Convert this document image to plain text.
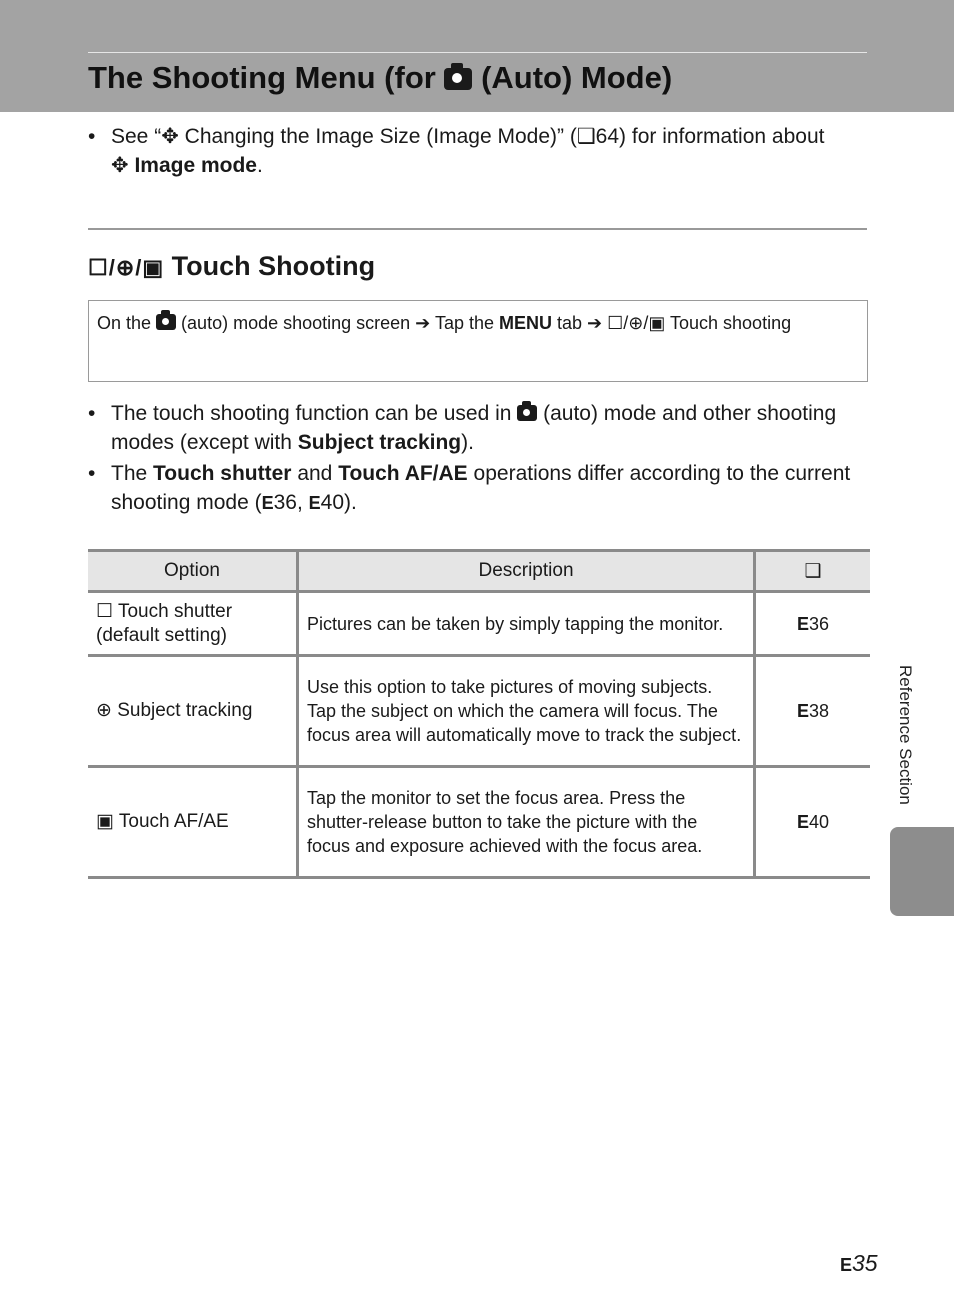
The Shooting Menu (for  (Auto) Mode)
• See “✥ Changing the Image Size (Image Mode)” (❑64) for information about
✥ Image mode.
☐/⊕/▣ Touch Shooting
On the  (auto) mode shooting screen ➔ Tap the MENU tab ➔ ☐/⊕/▣ Touch shooting
• The touch shooting function can be used in  (auto) mode and other shooting modes (except with Subject tracking).
• The Touch shutter and Touch AF/AE operations differ according to the current shooting mode (E36, E40).
Option	Description	❑
☐ Touch shutter (default setting)	Pictures can be taken by simply tapping the monitor.	E36
⊕ Subject tracking	Use this option to take pictures of moving subjects. Tap the subject on which the camera will focus. The focus area will automatically move to track the subject.	E38
▣ Touch AF/AE	Tap the monitor to set the focus area. Press the shutter-release button to take the picture with the focus and exposure achieved with the focus area.	E40
Reference Section
E35
